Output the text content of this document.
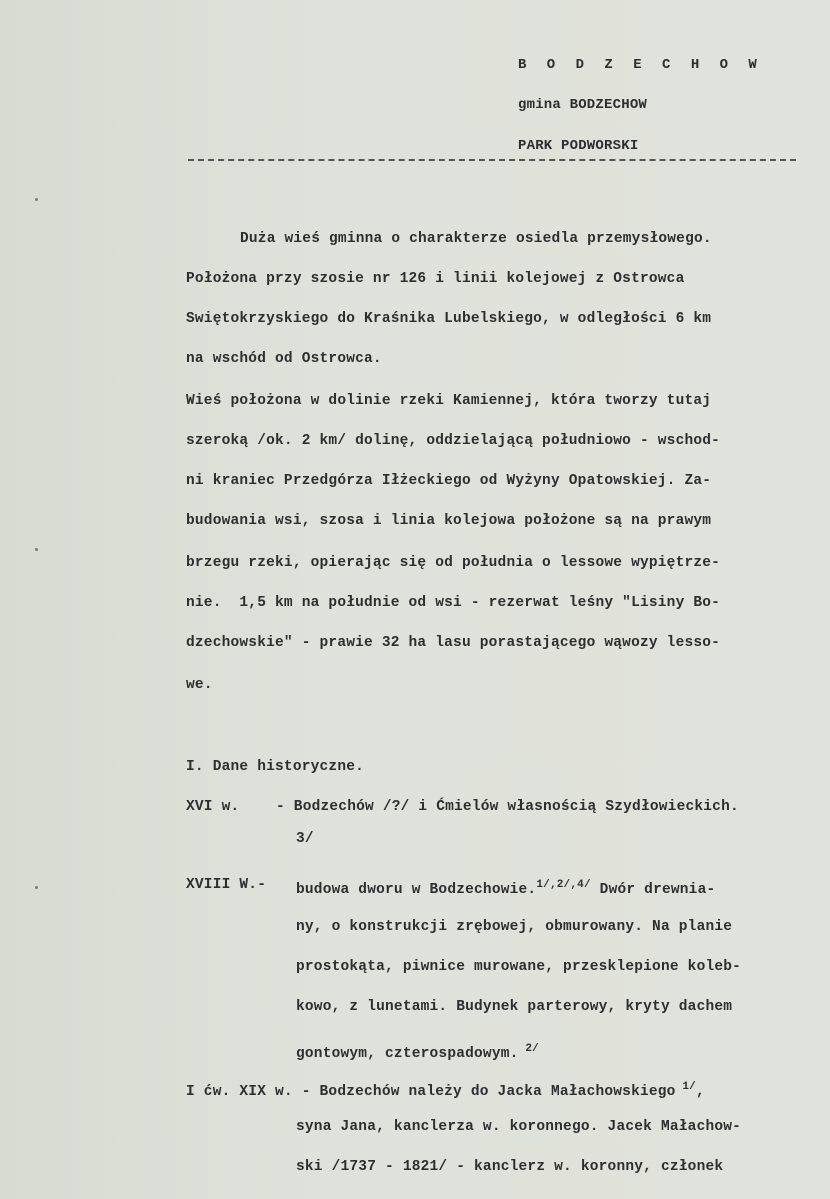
B O D Z E C H O W
gmina BODZECHOW
PARK PODWORSKI
Duża wieś gminna o charakterze osiedla przemysłowego.
Położona przy szosie nr 126 i linii kolejowej z Ostrowca
Swiętokrzyskiego do Kraśnika Lubelskiego, w odległości 6 km
na wschód od Ostrowca.
Wieś położona w dolinie rzeki Kamiennej, która tworzy tutaj
szeroką /ok. 2 km/ dolinę, oddzielającą południowo - wschod-
ni kraniec Przedgórza Iłżeckiego od Wyżyny Opatowskiej. Za-
budowania wsi, szosa i linia kolejowa położone są na prawym
brzegu rzeki, opierając się od południa o lessowe wypiętrze-
nie.  1,5 km na południe od wsi - rezerwat leśny "Lisiny Bo-
dzechowskie" - prawie 32 ha lasu porastającego wąwozy lesso-
we.
I. Dane historyczne.
XVI w.	- Bodzechów /?/ i Ćmielów własnością Szydłowieckich.
3/
XVIII W.- budowa dworu w Bodzechowie.$^{1/,2/,4/}$ Dwór drewnia-
ny, o konstrukcji zrębowej, obmurowany. Na planie
prostokąta, piwnice murowane, przesklepione koleb-
kowo, z lunetami. Budynek parterowy, kryty dachem
gontowym, czterospadowym. $^{2/}$
I ćw. XIX w. - Bodzechów należy do Jacka Małachowskiego $^{1/}$,
syna Jana, kanclerza w. koronnego. Jacek Małachow-
ski /1737 - 1821/ - kanclerz w. koronny, członek
